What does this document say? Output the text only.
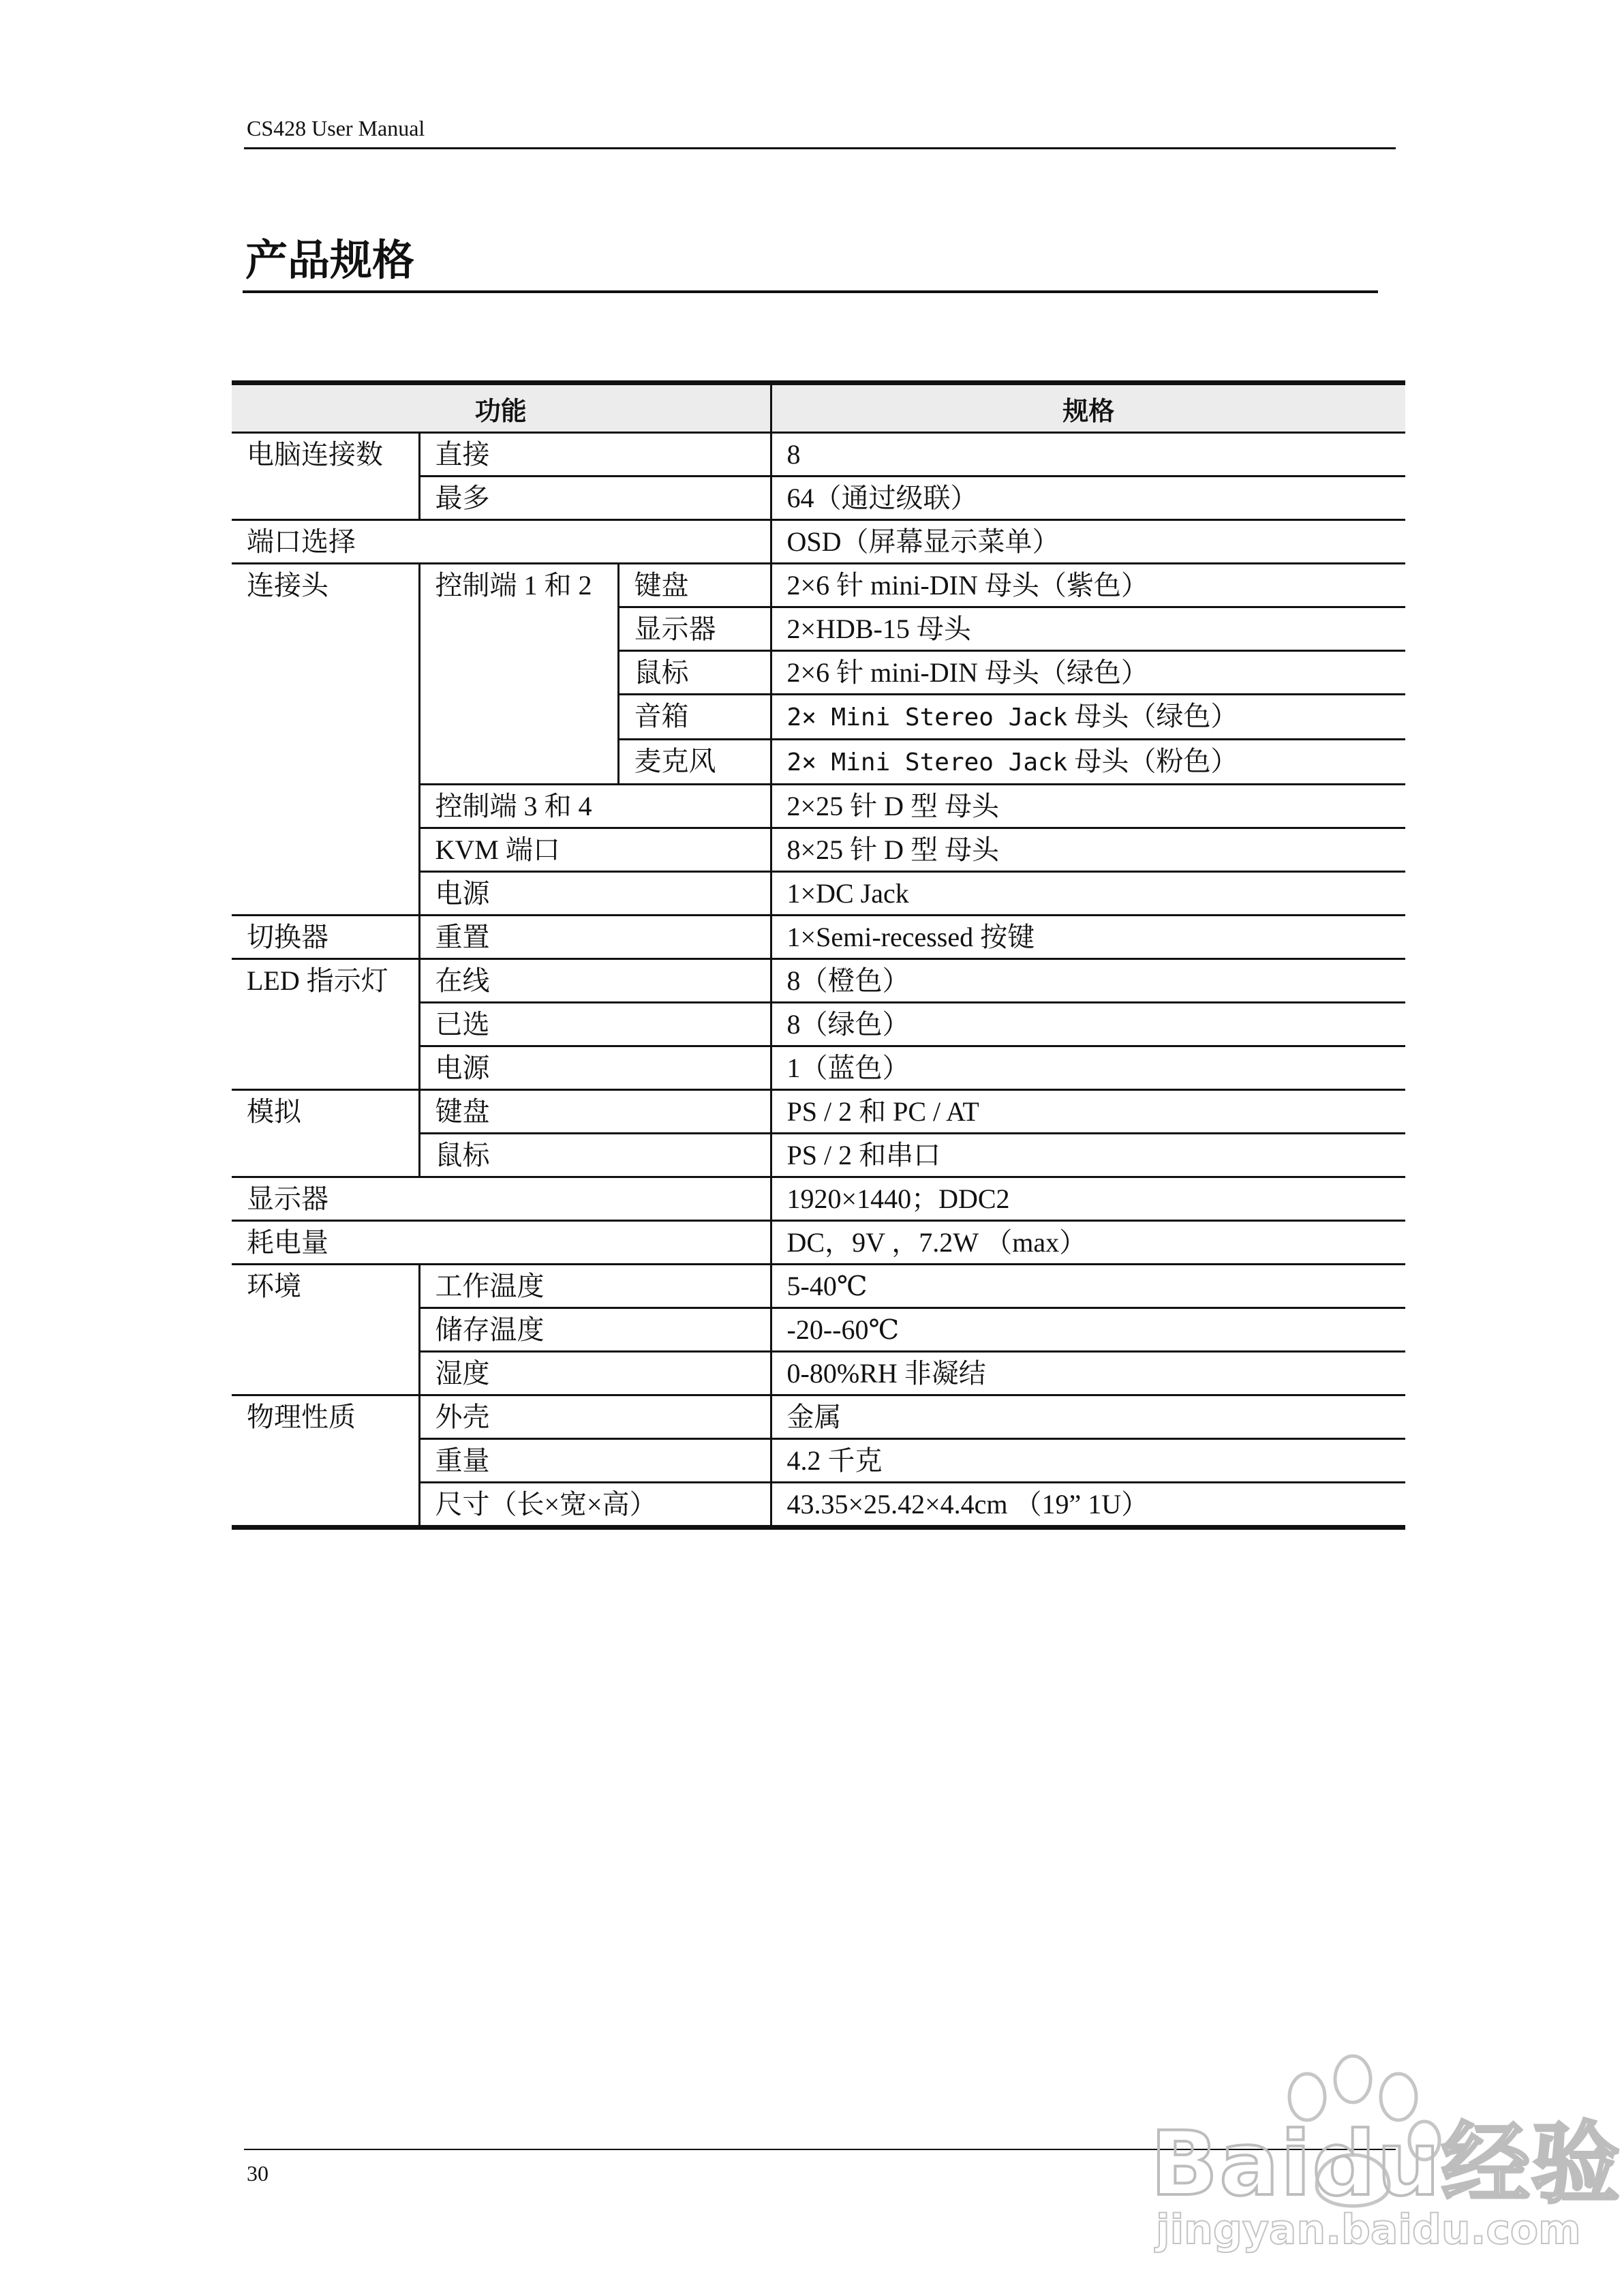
CS428 User Manual
产品规格
功能			规格
电脑连接数	直接		8
	最多		64（通过级联）
端口选择			OSD（屏幕显示菜单）
连接头	控制端 1 和 2	键盘	2×6 针 mini-DIN 母头（紫色）
		显示器	2×HDB-15 母头
		鼠标	2×6 针 mini-DIN 母头（绿色）
		音箱	2× Mini Stereo Jack 母头（绿色）
		麦克风	2× Mini Stereo Jack 母头（粉色）
	控制端 3 和 4		2×25 针 D 型 母头
	KVM 端口		8×25 针 D 型 母头
	电源		1×DC Jack
切换器	重置		1×Semi-recessed 按键
LED 指示灯	在线		8（橙色）
	已选		8（绿色）
	电源		1（蓝色）
模拟	键盘		PS / 2 和 PC / AT
	鼠标		PS / 2 和串口
显示器			1920×1440；DDC2
耗电量			DC，9V ，7.2W （max）
环境	工作温度		5-40℃
	储存温度		-20--60℃
	湿度		0-80%RH 非凝结
物理性质	外壳		金属
	重量		4.2 千克
	尺寸（长×宽×高）		43.35×25.42×4.4cm （19” 1U）
30	Baidu经验
jingyan.baidu.com
